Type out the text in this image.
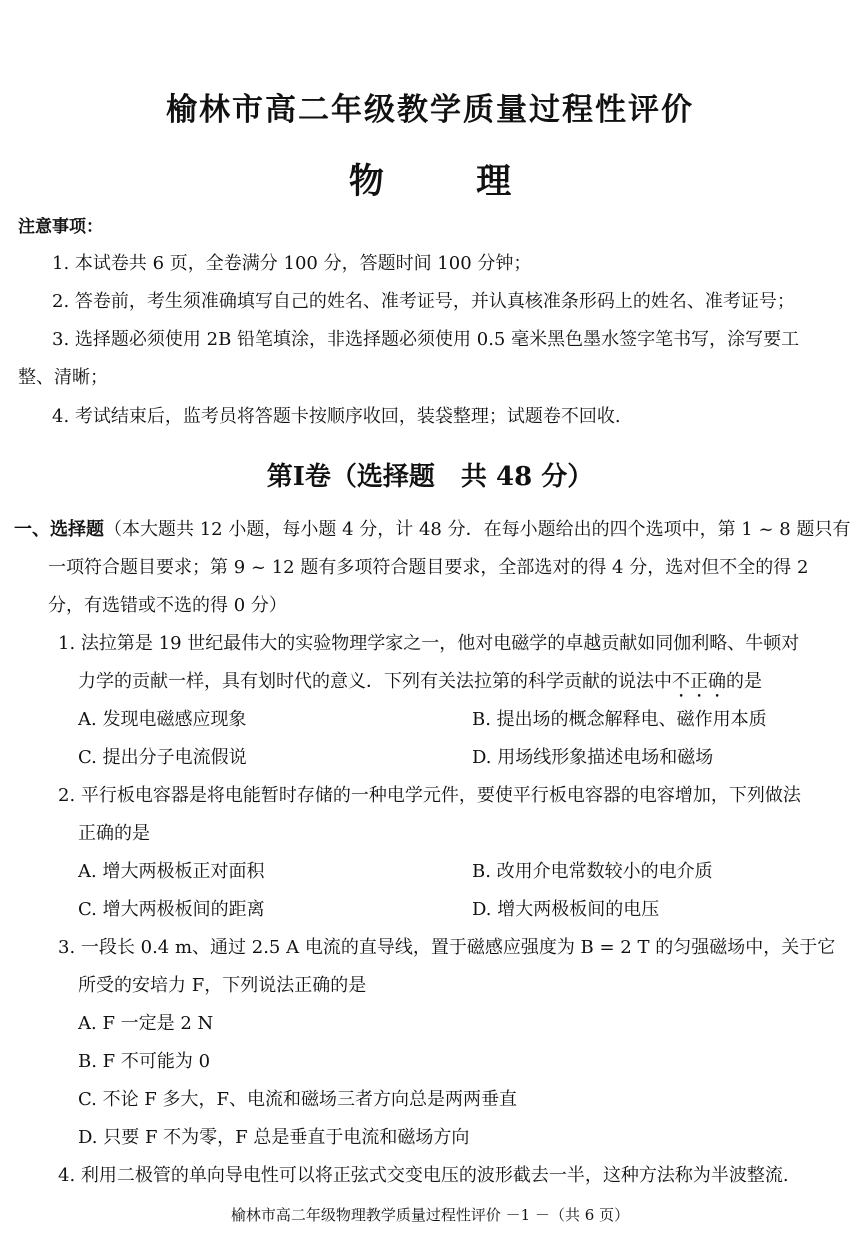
榆林市高二年级教学质量过程性评价
物 理
注意事项：
1. 本试卷共 6 页，全卷满分 100 分，答题时间 100 分钟；
2. 答卷前，考生须准确填写自己的姓名、准考证号，并认真核准条形码上的姓名、准考证号；
3. 选择题必须使用 2B 铅笔填涂，非选择题必须使用 0.5 毫米黑色墨水签字笔书写，涂写要工
整、清晰；
4. 考试结束后，监考员将答题卡按顺序收回，装袋整理；试题卷不回收.
第Ⅰ卷（选择题　共 48 分）
一、选择题（本大题共 12 小题，每小题 4 分，计 48 分．在每小题给出的四个选项中，第 1 ~ 8 题只有
一项符合题目要求；第 9 ~ 12 题有多项符合题目要求，全部选对的得 4 分，选对但不全的得 2
分，有选错或不选的得 0 分）
1. 法拉第是 19 世纪最伟大的实验物理学家之一，他对电磁学的卓越贡献如同伽利略、牛顿对
力学的贡献一样，具有划时代的意义．下列有关法拉第的科学贡献的说法中不正确的是
A. 发现电磁感应现象	B. 提出场的概念解释电、磁作用本质
C. 提出分子电流假说	D. 用场线形象描述电场和磁场
2. 平行板电容器是将电能暂时存储的一种电学元件，要使平行板电容器的电容增加，下列做法
正确的是
A. 增大两极板正对面积	B. 改用介电常数较小的电介质
C. 增大两极板间的距离	D. 增大两极板间的电压
3. 一段长 0.4 m、通过 2.5 A 电流的直导线，置于磁感应强度为 B = 2 T 的匀强磁场中，关于它
所受的安培力 F，下列说法正确的是
A. F 一定是 2 N
B. F 不可能为 0
C. 不论 F 多大，F、电流和磁场三者方向总是两两垂直
D. 只要 F 不为零，F 总是垂直于电流和磁场方向
4. 利用二极管的单向导电性可以将正弦式交变电压的波形截去一半，这种方法称为半波整流.
榆林市高二年级物理教学质量过程性评价 －1 －（共 6 页）
